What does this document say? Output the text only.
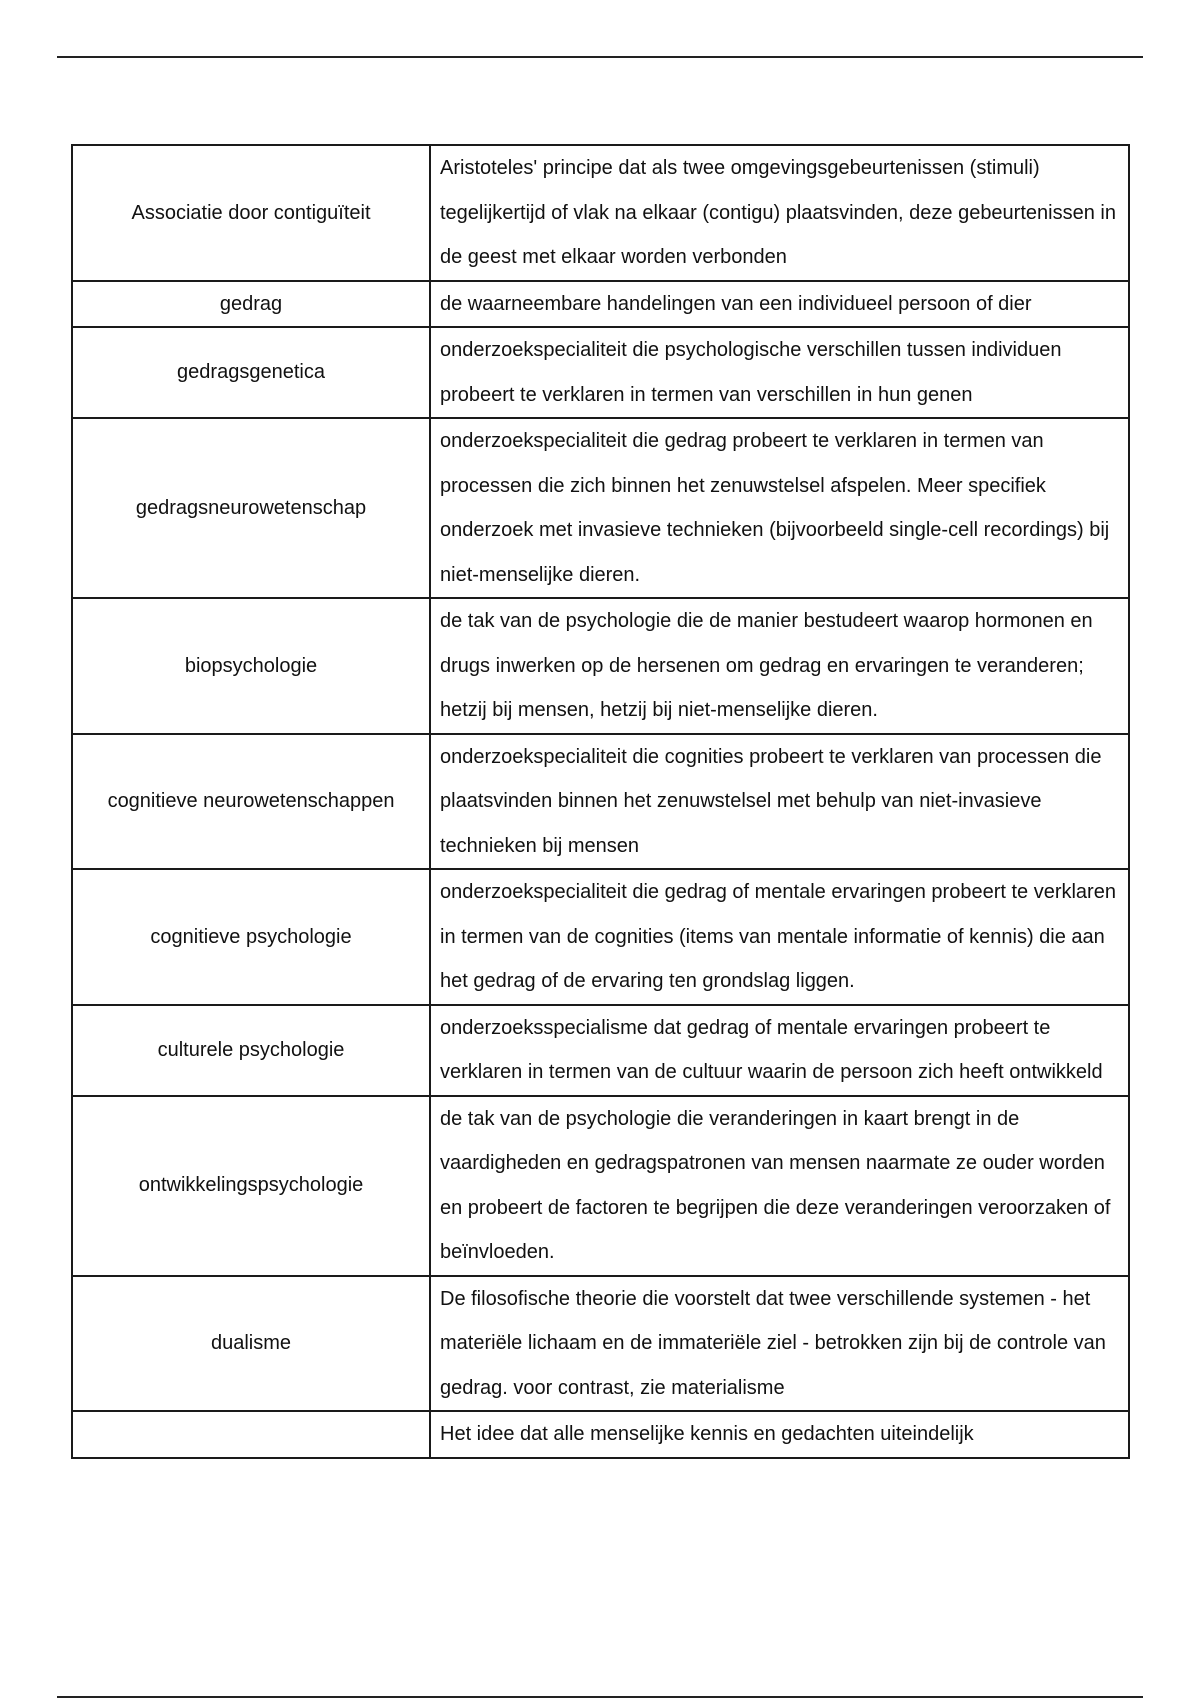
Associatie door contiguïteit	Aristoteles' principe dat als twee omgevingsgebeurtenissen (stimuli) tegelijkertijd of vlak na elkaar (contigu) plaatsvinden, deze gebeurtenissen in de geest met elkaar worden verbonden
gedrag	de waarneembare handelingen van een individueel persoon of dier
gedragsgenetica	onderzoekspecialiteit die psychologische verschillen tussen individuen probeert te verklaren in termen van verschillen in hun genen
gedragsneurowetenschap	onderzoekspecialiteit die gedrag probeert te verklaren in termen van processen die zich binnen het zenuwstelsel afspelen. Meer specifiek onderzoek met invasieve technieken (bijvoorbeeld single-cell recordings) bij niet-menselijke dieren.
biopsychologie	de tak van de psychologie die de manier bestudeert waarop hormonen en drugs inwerken op de hersenen om gedrag en ervaringen te veranderen; hetzij bij mensen, hetzij bij niet-menselijke dieren.
cognitieve neurowetenschappen	onderzoekspecialiteit die cognities probeert te verklaren van processen die plaatsvinden binnen het zenuwstelsel met behulp van niet-invasieve technieken bij mensen
cognitieve psychologie	onderzoekspecialiteit die gedrag of mentale ervaringen probeert te verklaren in termen van de cognities (items van mentale informatie of kennis) die aan het gedrag of de ervaring ten grondslag liggen.
culturele psychologie	onderzoeksspecialisme dat gedrag of mentale ervaringen probeert te verklaren in termen van de cultuur waarin de persoon zich heeft ontwikkeld
ontwikkelingspsychologie	de tak van de psychologie die veranderingen in kaart brengt in de vaardigheden en gedragspatronen van mensen naarmate ze ouder worden en probeert de factoren te begrijpen die deze veranderingen veroorzaken of beïnvloeden.
dualisme	De filosofische theorie die voorstelt dat twee verschillende systemen - het materiële lichaam en de immateriële ziel - betrokken zijn bij de controle van gedrag. voor contrast, zie materialisme
	Het idee dat alle menselijke kennis en gedachten uiteindelijk
